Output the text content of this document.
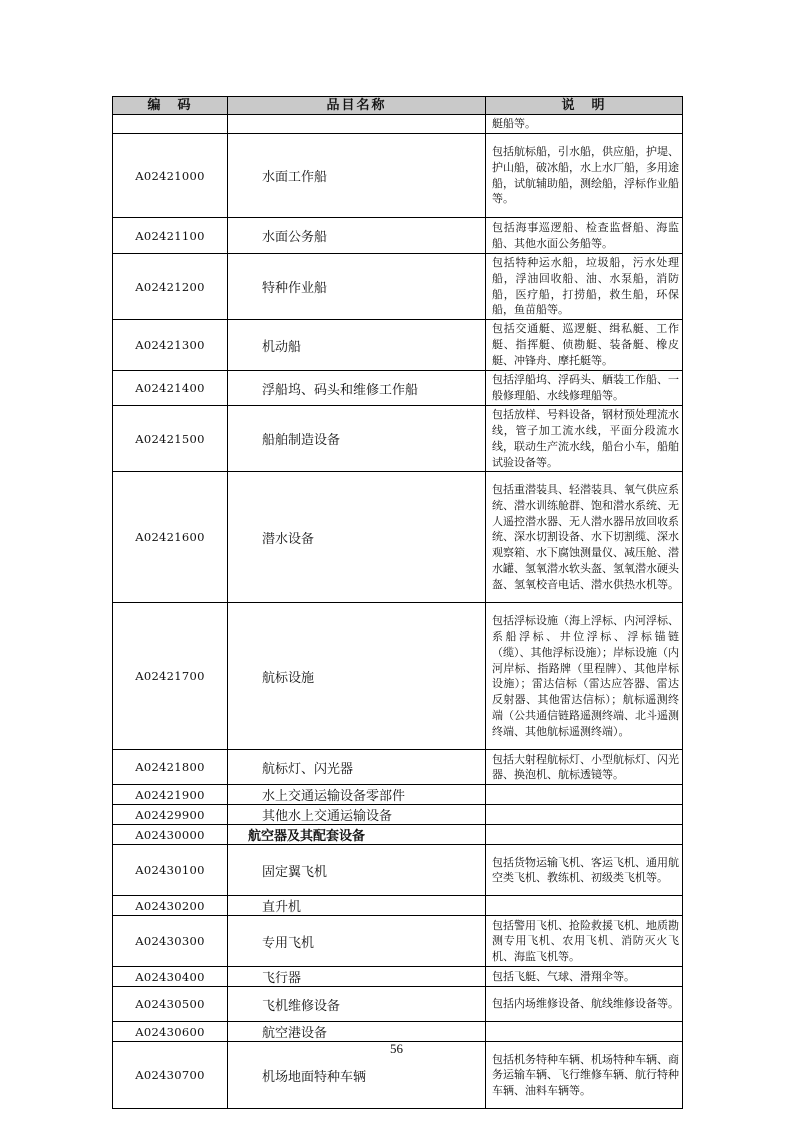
编　码	品目名称	说　明
		艇船等。
A02421000	水面工作船	包括航标船，引水船，供应船，护堤、护山船，破冰船，水上水厂船，多用途船，试航辅助船，测绘船，浮标作业船等。
A02421100	水面公务船	包括海事巡逻船、检查监督船、海监船、其他水面公务船等。
A02421200	特种作业船	包括特种运水船，垃圾船，污水处理船，浮油回收船、油、水泵船，消防船，医疗船，打捞船，救生船，环保船，鱼苗船等。
A02421300	机动船	包括交通艇、巡逻艇、缉私艇、工作艇、指挥艇、侦勘艇、装备艇、橡皮艇、冲锋舟、摩托艇等。
A02421400	浮船坞、码头和维修工作船	包括浮船坞、浮码头、舾装工作船、一般修理船、水线修理船等。
A02421500	船舶制造设备	包括放样、号料设备，钢材预处理流水线，管子加工流水线，平面分段流水线，联动生产流水线，船台小车，船舶试验设备等。
A02421600	潜水设备	包括重潜装具、轻潜装具、氧气供应系统、潜水训练舱群、饱和潜水系统、无人遥控潜水器、无人潜水器吊放回收系统、深水切割设备、水下切割缆、深水观察箱、水下腐蚀测量仪、减压舱、潜水罐、氢氧潜水软头盔、氢氧潜水硬头盔、氢氧校音电话、潜水供热水机等。
A02421700	航标设施	包括浮标设施（海上浮标、内河浮标、系船浮标、井位浮标、浮标锚链（缆）、其他浮标设施）；岸标设施（内河岸标、指路牌（里程牌）、其他岸标设施）；雷达信标（雷达应答器、雷达反射器、其他雷达信标）；航标遥测终端（公共通信链路遥测终端、北斗遥测终端、其他航标遥测终端）。
A02421800	航标灯、闪光器	包括大射程航标灯、小型航标灯、闪光器、换泡机、航标透镜等。
A02421900	水上交通运输设备零部件	
A02429900	其他水上交通运输设备	
A02430000	航空器及其配套设备	
A02430100	固定翼飞机	包括货物运输飞机、客运飞机、通用航空类飞机、教练机、初级类飞机等。
A02430200	直升机	
A02430300	专用飞机	包括警用飞机、抢险救援飞机、地质勘测专用飞机、农用飞机、消防灭火飞机、海监飞机等。
A02430400	飞行器	包括飞艇、气球、滑翔伞等。
A02430500	飞机维修设备	包括内场维修设备、航线维修设备等。
A02430600	航空港设备	
A02430700	机场地面特种车辆	包括机务特种车辆、机场特种车辆、商务运输车辆、飞行维修车辆、航行特种车辆、油料车辆等。
56
